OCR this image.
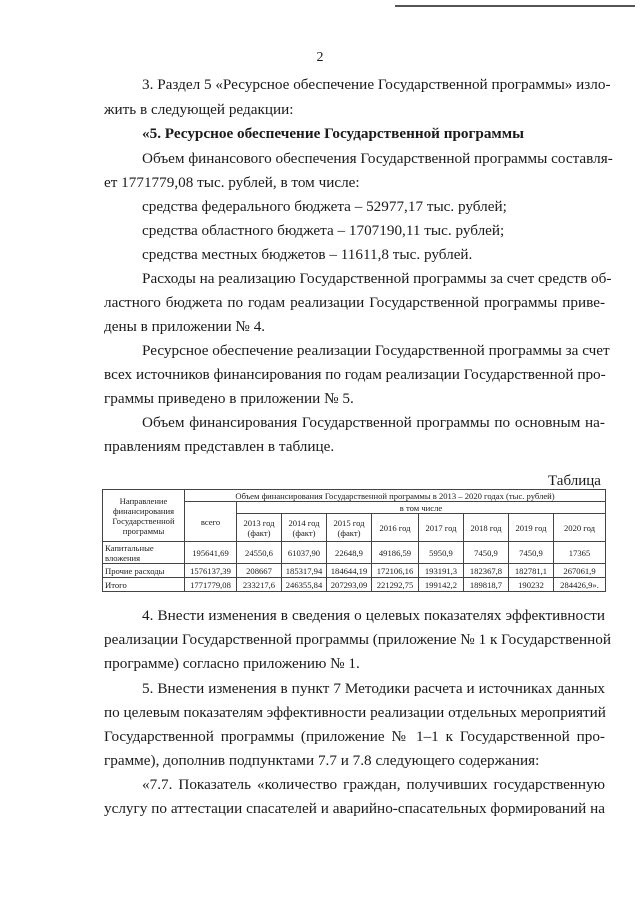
2
3. Раздел 5 «Ресурсное обеспечение Государственной программы» изло-
жить в следующей редакции:
«5. Ресурсное обеспечение Государственной программы
Объем финансового обеспечения Государственной программы составля-
ет 1771779,08 тыс. рублей, в том числе:
средства федерального бюджета – 52977,17 тыс. рублей;
средства областного бюджета – 1707190,11 тыс. рублей;
средства местных бюджетов – 11611,8 тыс. рублей.
Расходы на реализацию Государственной программы за счет средств об-
ластного бюджета по годам реализации Государственной программы приве-
дены в приложении № 4.
Ресурсное обеспечение реализации Государственной программы за счет
всех источников финансирования по годам реализации Государственной про-
граммы приведено в приложении № 5.
Объем финансирования Государственной программы по основным на-
правлениям представлен в таблице.
Таблица
Направление финансирования Государственной программы	Объем финансирования Государственной программы в 2013 – 2020 годах (тыс. рублей)								
	всего	в том числе							
		2013 год (факт)	2014 год (факт)	2015 год (факт)	2016 год	2017 год	2018 год	2019 год	2020 год
Капитальные вложения	195641,69	24550,6	61037,90	22648,9	49186,59	5950,9	7450,9	7450,9	17365
Прочие расходы	1576137,39	208667	185317,94	184644,19	172106,16	193191,3	182367,8	182781,1	267061,9
Итого	1771779,08	233217,6	246355,84	207293,09	221292,75	199142,2	189818,7	190232	284426,9».
4. Внести изменения в сведения о целевых показателях эффективности
реализации Государственной программы (приложение № 1 к Государственной
программе) согласно приложению № 1.
5. Внести изменения в пункт 7 Методики расчета и источниках данных
по целевым показателям эффективности реализации отдельных мероприятий
Государственной программы (приложение № 1–1 к Государственной про-
грамме), дополнив подпунктами 7.7 и 7.8 следующего содержания:
«7.7. Показатель «количество граждан, получивших государственную
услугу по аттестации спасателей и аварийно-спасательных формирований на
